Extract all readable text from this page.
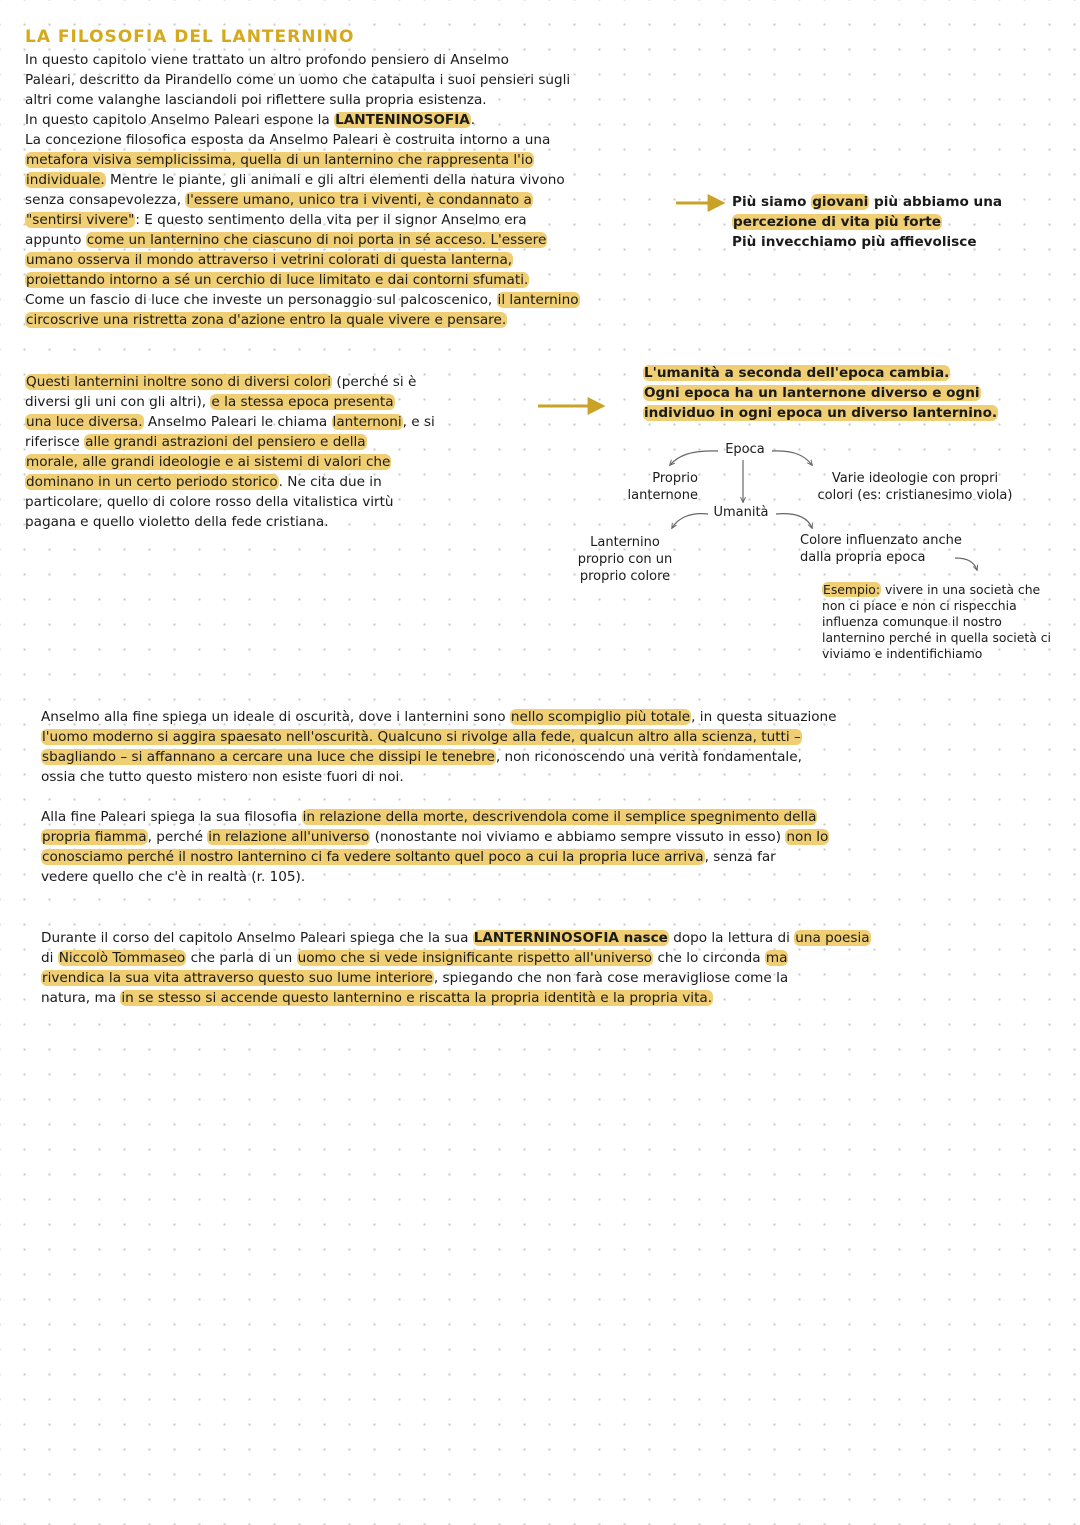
LA FILOSOFIA DEL LANTERNINO

In questo capitolo viene trattato un altro profondo pensiero di Anselmo

Paleari, descritto da Pirandello come un uomo che catapulta i suoi pensieri sugli

altri come valanghe lasciandoli poi riflettere sulla propria esistenza.

In questo capitolo Anselmo Paleari espone la LANTENINOSOFIA.

La concezione filosofica esposta da Anselmo Paleari è costruita intorno a una

metafora visiva semplicissima, quella di un lanternino che rappresenta l'io

individuale. Mentre le piante, gli animali e gli altri elementi della natura vivono

senza consapevolezza, l'essere umano, unico tra i viventi, è condannato a

"sentirsi vivere": E questo sentimento della vita per il signor Anselmo era

appunto come un lanternino che ciascuno di noi porta in sé acceso. L'essere

umano osserva il mondo attraverso i vetrini colorati di questa lanterna,

proiettando intorno a sé un cerchio di luce limitato e dai contorni sfumati.

Come un fascio di luce che investe un personaggio sul palcoscenico, il lanternino

circoscrive una ristretta zona d'azione entro la quale vivere e pensare.

Più siamo giovani più abbiamo una

percezione di vita più forte

Più invecchiamo più affievolisce

Questi lanternini inoltre sono di diversi colori (perché si è

diversi gli uni con gli altri), e la stessa epoca presenta

una luce diversa. Anselmo Paleari le chiama lanternoni, e si

riferisce alle grandi astrazioni del pensiero e della

morale, alle grandi ideologie e ai sistemi di valori che

dominano in un certo periodo storico. Ne cita due in

particolare, quello di colore rosso della vitalistica virtù

pagana e quello violetto della fede cristiana.

L'umanità a seconda dell'epoca cambia.

Ogni epoca ha un lanternone diverso e ogni

individuo in ogni epoca un diverso lanternino.

Epoca
Proprio
lanternone
Varie ideologie con propri
colori (es: cristianesimo viola)
Umanità
Lanternino
proprio con un
proprio colore
Colore influenzato anche
dalla propria epoca
Esempio: vivere in una società che
non ci piace e non ci rispecchia
influenza comunque il nostro
lanternino perché in quella società ci
viviamo e indentifichiamo

Anselmo alla fine spiega un ideale di oscurità, dove i lanternini sono nello scompiglio più totale, in questa situazione

l'uomo moderno si aggira spaesato nell'oscurità. Qualcuno si rivolge alla fede, qualcun altro alla scienza, tutti –

sbagliando – si affannano a cercare una luce che dissipi le tenebre, non riconoscendo una verità fondamentale,

ossia che tutto questo mistero non esiste fuori di noi.

Alla fine Paleari spiega la sua filosofia in relazione della morte, descrivendola come il semplice spegnimento della

propria fiamma, perché in relazione all'universo (nonostante noi viviamo e abbiamo sempre vissuto in esso) non lo

conosciamo perché il nostro lanternino ci fa vedere soltanto quel poco a cui la propria luce arriva, senza far

vedere quello che c'è in realtà (r. 105).

Durante il corso del capitolo Anselmo Paleari spiega che la sua LANTERNINOSOFIA nasce dopo la lettura di una poesia

di Niccolò Tommaseo che parla di un uomo che si vede insignificante rispetto all'universo che lo circonda ma

rivendica la sua vita attraverso questo suo lume interiore, spiegando che non farà cose meravigliose come la

natura, ma in se stesso si accende questo lanternino e riscatta la propria identità e la propria vita.
